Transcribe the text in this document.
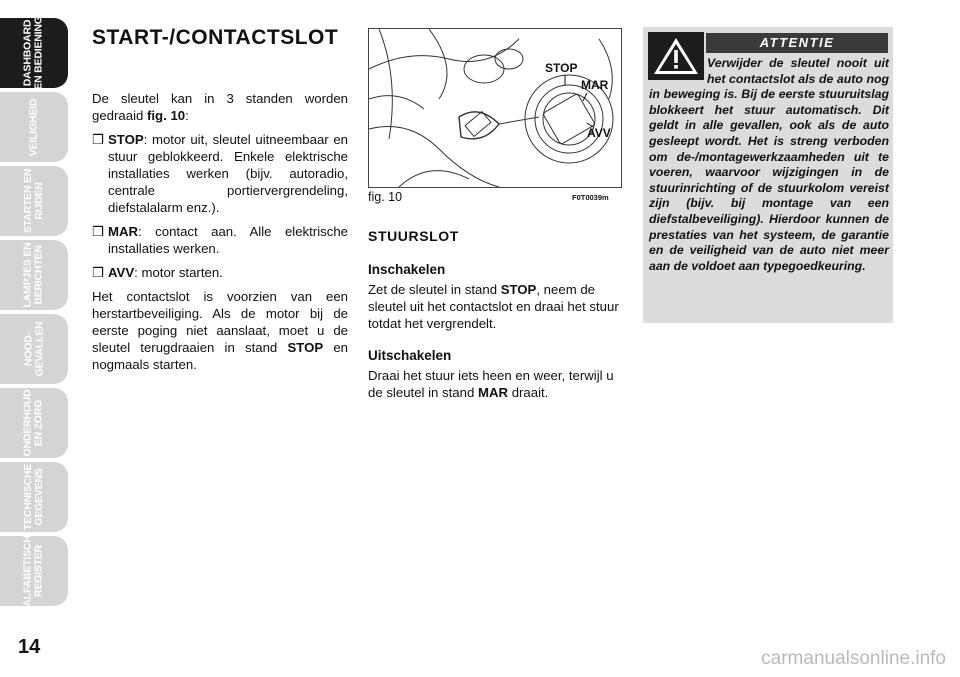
DASHBOARD
EN BEDIENING
VEILIGHEID
STARTEN EN
RIJDEN
LAMPJES EN
BERICHTEN
NOOD-
GEVALLEN
ONDERHOUD
EN ZORG
TECHNISCHE
GEGEVENS
ALFABETISCH
REGISTER
14
START-/CONTACTSLOT

De sleutel kan in 3 standen worden gedraaid fig. 10:

❒ STOP: motor uit, sleutel uitneembaar en stuur geblokkeerd. Enkele elektrische installaties werken (bijv. autoradio, centrale portiervergrendeling, diefstalalarm enz.).

❒ MAR: contact aan. Alle elektrische installaties werken.

❒ AVV: motor starten.

Het contactslot is voorzien van een herstartbeveiliging. Als de motor bij de eerste poging niet aanslaat, moet u de sleutel terugdraaien in stand STOP en nogmaals starten.

STOP
MAR
AVV
fig. 10	F0T0039m
STUURSLOT
Inschakelen

Zet de sleutel in stand STOP, neem de sleutel uit het contactslot en draai het stuur totdat het vergrendelt.

Uitschakelen

Draai het stuur iets heen en weer, terwijl u de sleutel in stand MAR draait.

ATTENTIE

Verwijder de sleutel nooit uit het contactslot als de auto nog in beweging is. Bij de eerste stuuruitslag blokkeert het stuur automatisch. Dit geldt in alle gevallen, ook als de auto gesleept wordt. Het is streng verboden om de-/montagewerkzaamheden uit te voeren, waarvoor wijzigingen in de stuurinrichting of de stuurkolom vereist zijn (bijv. bij montage van een diefstalbeveiliging). Hierdoor kunnen de prestaties van het systeem, de garantie en de veiligheid van de auto niet meer aan de voldoet aan typegoedkeuring.

carmanualsonline.info
